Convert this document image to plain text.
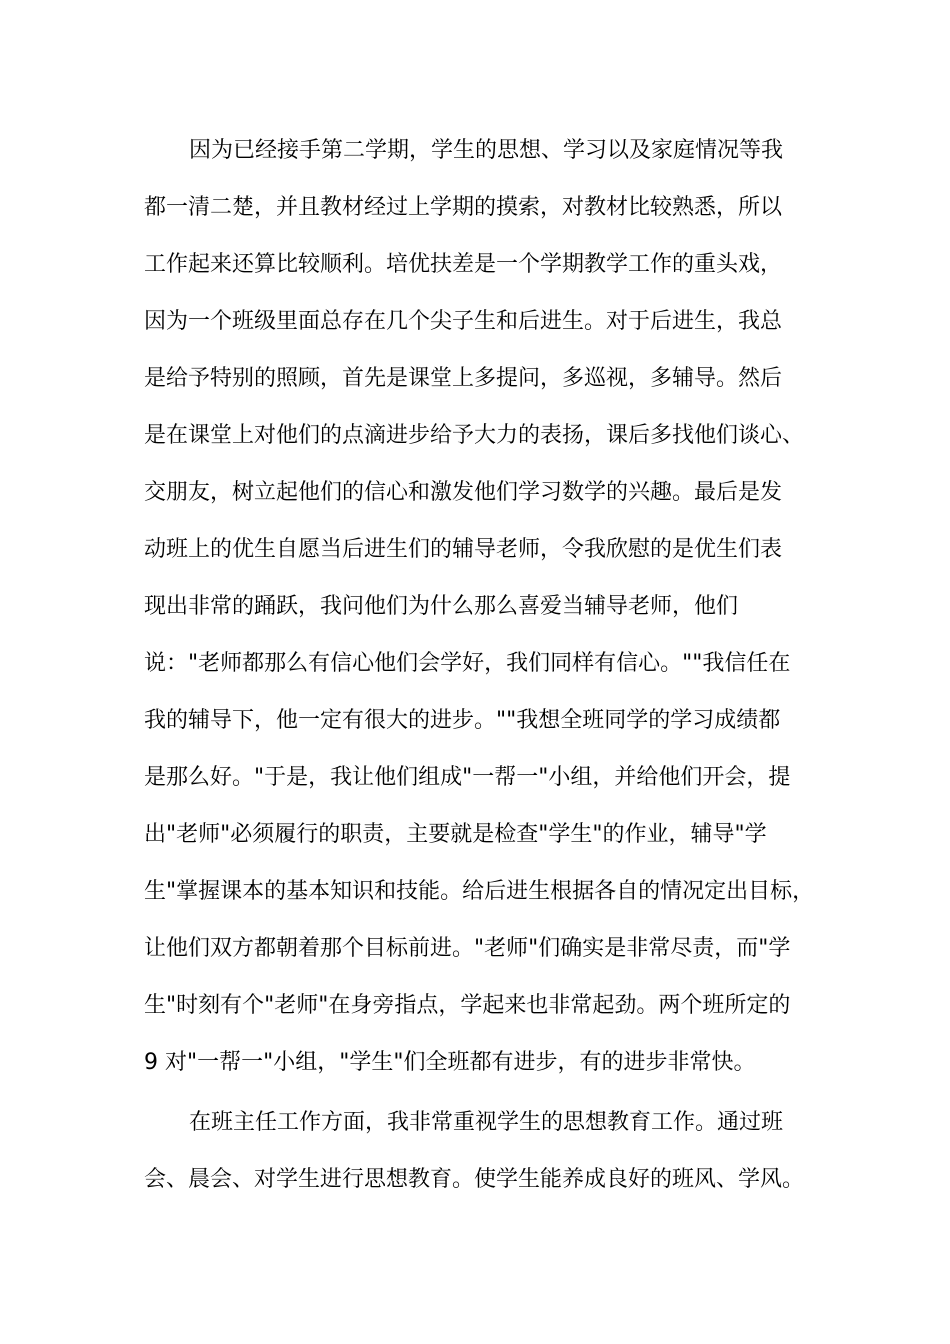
因为已经接手第二学期，学生的思想、学习以及家庭情况等我
都一清二楚，并且教材经过上学期的摸索，对教材比较熟悉，所以
工作起来还算比较顺利。培优扶差是一个学期教学工作的重头戏，
因为一个班级里面总存在几个尖子生和后进生。对于后进生，我总
是给予特别的照顾，首先是课堂上多提问，多巡视，多辅导。然后
是在课堂上对他们的点滴进步给予大力的表扬，课后多找他们谈心、
交朋友，树立起他们的信心和激发他们学习数学的兴趣。最后是发
动班上的优生自愿当后进生们的辅导老师，令我欣慰的是优生们表
现出非常的踊跃，我问他们为什么那么喜爱当辅导老师，他们
说："老师都那么有信心他们会学好，我们同样有信心。""我信任在
我的辅导下，他一定有很大的进步。""我想全班同学的学习成绩都
是那么好。"于是，我让他们组成"一帮一"小组，并给他们开会，提
出"老师"必须履行的职责，主要就是检查"学生"的作业，辅导"学
生"掌握课本的基本知识和技能。给后进生根据各自的情况定出目标，
让他们双方都朝着那个目标前进。"老师"们确实是非常尽责，而"学
生"时刻有个"老师"在身旁指点，学起来也非常起劲。两个班所定的
9 对"一帮一"小组，"学生"们全班都有进步，有的进步非常快。
在班主任工作方面，我非常重视学生的思想教育工作。通过班
会、晨会、对学生进行思想教育。使学生能养成良好的班风、学风。
